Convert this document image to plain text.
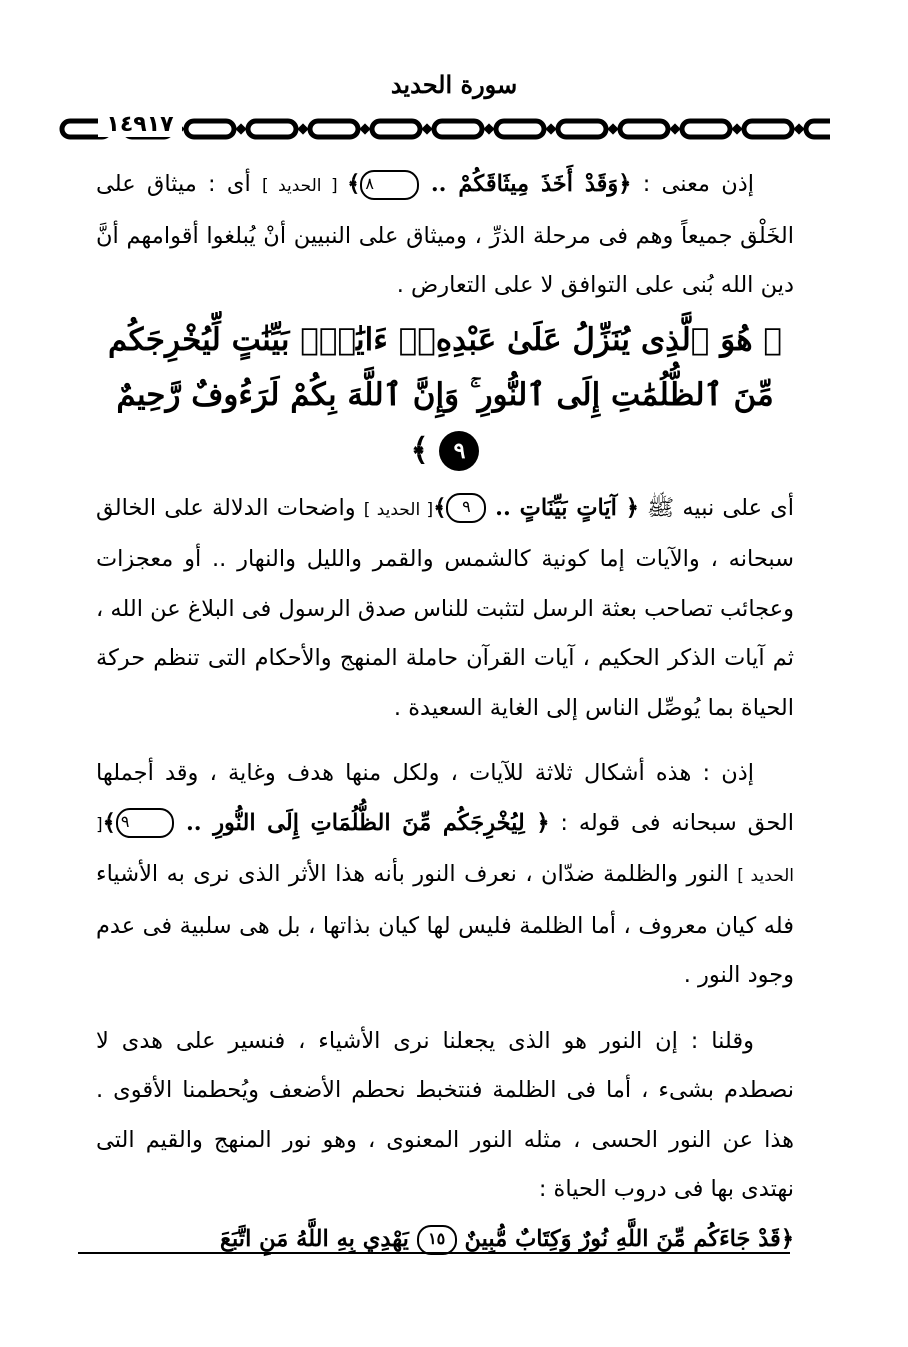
سورة الحديد
١٤٩١٧

إذن معنى : ﴿وَقَدْ أَخَذَ مِيثَاقَكُمْ .. ٨﴾ [ الحديد ] أى : ميثاق على الخَلْق جميعاً وهم فى مرحلة الذرِّ ، وميثاق على النبيين أنْ يُبلغوا أقوامهم أنَّ دين الله بُنى على التوافق لا على التعارض .

﴿ هُوَ ٱلَّذِى يُنَزِّلُ عَلَىٰ عَبْدِهِۦٓ ءَايَٰتٍۭ بَيِّنَٰتٍ لِّيُخْرِجَكُم
مِّنَ ٱلظُّلُمَٰتِ إِلَى ٱلنُّورِ ۚ وَإِنَّ ٱللَّهَ بِكُمْ لَرَءُوفٌ رَّحِيمٌ ٩ ﴾

أى على نبيه ﷺ ﴿ آيَاتٍ بَيِّنَاتٍ .. ٩﴾[ الحديد ] واضحات الدلالة على الخالق سبحانه ، والآيات إما كونية كالشمس والقمر والليل والنهار .. أو معجزات وعجائب تصاحب بعثة الرسل لتثبت للناس صدق الرسول فى البلاغ عن الله ، ثم آيات الذكر الحكيم ، آيات القرآن حاملة المنهج والأحكام التى تنظم حركة الحياة بما يُوصِّل الناس إلى الغاية السعيدة .

إذن : هذه أشكال ثلاثة للآيات ، ولكل منها هدف وغاية ، وقد أجملها الحق سبحانه فى قوله : ﴿ لِيُخْرِجَكُم مِّنَ الظُّلُمَاتِ إِلَى النُّورِ .. ٩﴾[ الحديد ] النور والظلمة ضدّان ، نعرف النور بأنه هذا الأثر الذى نرى به الأشياء فله كيان معروف ، أما الظلمة فليس لها كيان بذاتها ، بل هى سلبية فى عدم وجود النور .

وقلنا : إن النور هو الذى يجعلنا نرى الأشياء ، فنسير على هدى لا نصطدم بشىء ، أما فى الظلمة فنتخبط نحطم الأضعف ويُحطمنا الأقوى . هذا عن النور الحسى ، مثله النور المعنوى ، وهو نور المنهج والقيم التى نهتدى بها فى دروب الحياة :

﴿قَدْ جَاءَكُم مِّنَ اللَّهِ نُورٌ وَكِتَابٌ مُّبِينٌ ١٥ يَهْدِي بِهِ اللَّهُ مَنِ اتَّبَعَ
